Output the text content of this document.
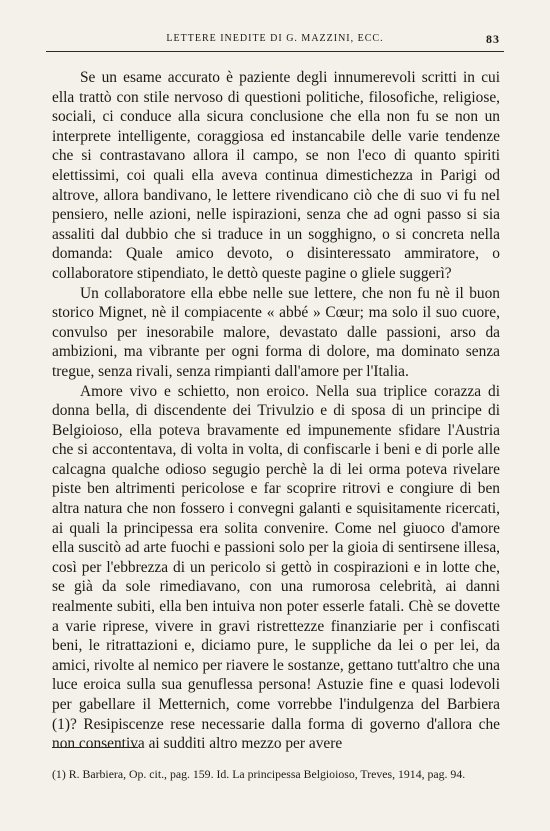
LETTERE INEDITE DI G. MAZZINI, ECC.	83

Se un esame accurato è paziente degli innumerevoli scritti in cui ella trattò con stile nervoso di questioni politiche, filosofiche, religiose, sociali, ci conduce alla sicura conclusione che ella non fu se non un interprete intelligente, coraggiosa ed instancabile delle varie tendenze che si contrastavano allora il campo, se non l'eco di quanto spiriti elettissimi, coi quali ella aveva continua dimestichezza in Parigi od altrove, allora bandivano, le lettere rivendicano ciò che di suo vi fu nel pensiero, nelle azioni, nelle ispirazioni, senza che ad ogni passo si sia assaliti dal dubbio che si traduce in un sogghigno, o si concreta nella domanda: Quale amico devoto, o disinteressato ammiratore, o collaboratore stipendiato, le dettò queste pagine o gliele suggerì?

Un collaboratore ella ebbe nelle sue lettere, che non fu nè il buon storico Mignet, nè il compiacente « abbé » Cœur; ma solo il suo cuore, convulso per inesorabile malore, devastato dalle passioni, arso da ambizioni, ma vibrante per ogni forma di dolore, ma dominato senza tregue, senza rivali, senza rimpianti dall'amore per l'Italia.

Amore vivo e schietto, non eroico. Nella sua triplice corazza di donna bella, di discendente dei Trivulzio e di sposa di un principe di Belgioioso, ella poteva bravamente ed impunemente sfidare l'Austria che si accontentava, di volta in volta, di confiscarle i beni e di porle alle calcagna qualche odioso segugio perchè la di lei orma poteva rivelare piste ben altrimenti pericolose e far scoprire ritrovi e congiure di ben altra natura che non fossero i convegni galanti e squisitamente ricercati, ai quali la principessa era solita convenire. Come nel giuoco d'amore ella suscitò ad arte fuochi e passioni solo per la gioia di sentirsene illesa, così per l'ebbrezza di un pericolo si gettò in cospirazioni e in lotte che, se già da sole rimediavano, con una rumorosa celebrità, ai danni realmente subiti, ella ben intuiva non poter esserle fatali. Chè se dovette a varie riprese, vivere in gravi ristrettezze finanziarie per i confiscati beni, le ritrattazioni e, diciamo pure, le suppliche da lei o per lei, da amici, rivolte al nemico per riavere le sostanze, gettano tutt'altro che una luce eroica sulla sua genuflessa persona! Astuzie fine e quasi lodevoli per gabellare il Metternich, come vorrebbe l'indulgenza del Barbiera (1)? Resipiscenze rese necessarie dalla forma di governo d'allora che non consentiva ai sudditi altro mezzo per avere

(1) R. Barbiera, Op. cit., pag. 159. Id. La principessa Belgioioso, Treves, 1914, pag. 94.
